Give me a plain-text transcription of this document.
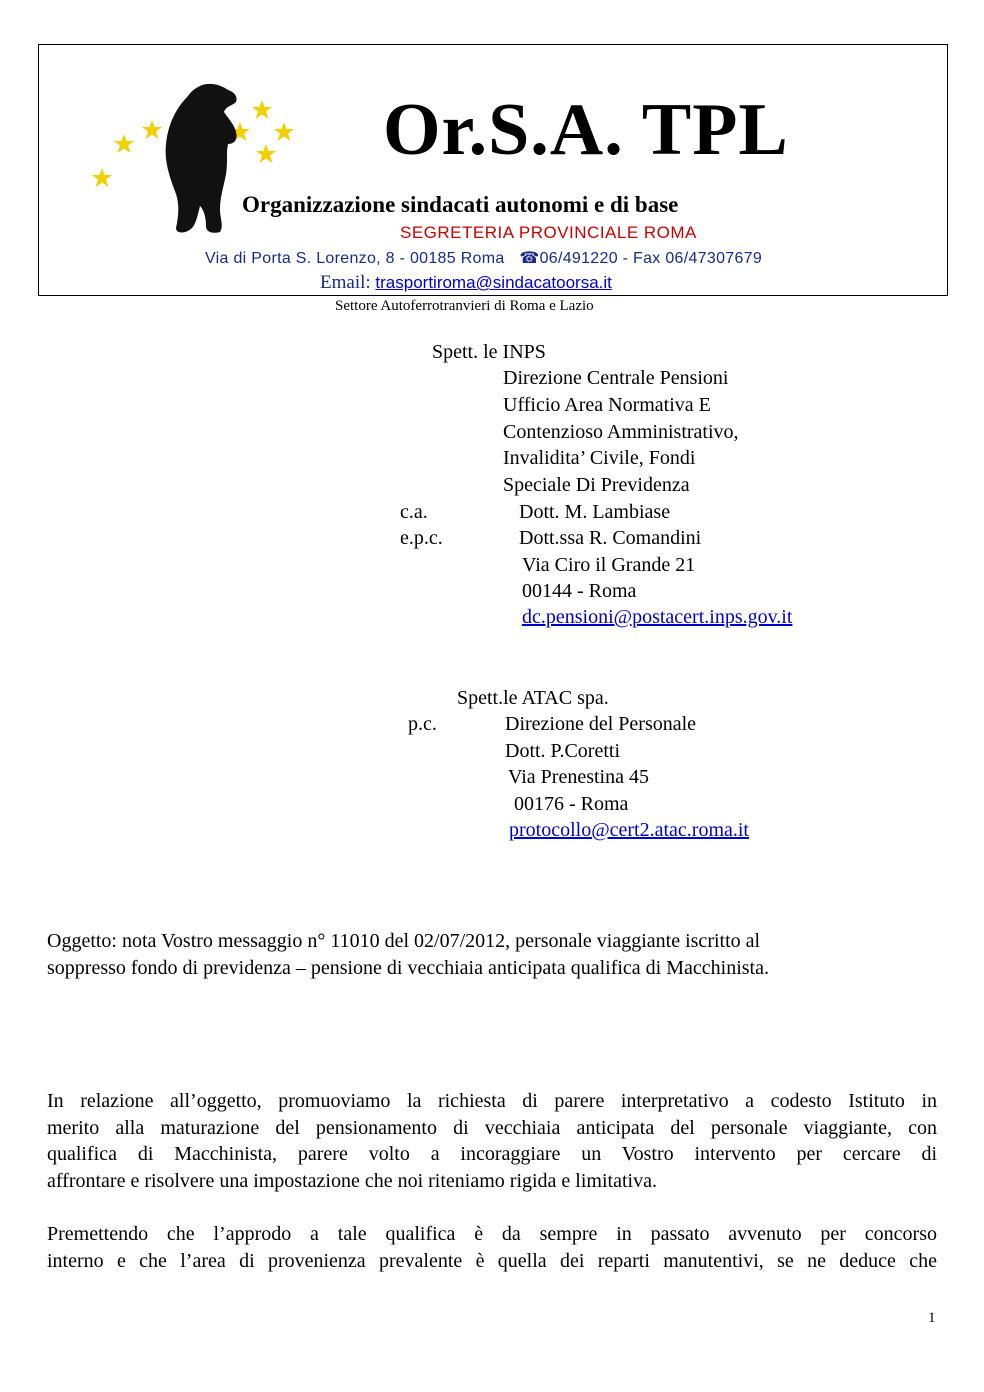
Or.S.A. TPL
Organizzazione sindacati autonomi e di base
SEGRETERIA PROVINCIALE ROMA
Via di Porta S. Lorenzo, 8 - 00185 Roma ☎06/491220 - Fax 06/47307679
Email: trasportiroma@sindacatoorsa.it
Settore Autoferrotranvieri di Roma e Lazio
Spett. le INPS
Direzione Centrale Pensioni
Ufficio Area Normativa E
Contenzioso Amministrativo,
Invalidita’ Civile, Fondi
Speciale Di Previdenza
c.a.	Dott. M. Lambiase
e.p.c.	Dott.ssa R. Comandini
Via Ciro il Grande 21
00144 - Roma
dc.pensioni@postacert.inps.gov.it
Spett.le ATAC spa.
p.c.	Direzione del Personale
Dott. P.Coretti
Via Prenestina 45
00176 - Roma
protocollo@cert2.atac.roma.it
Oggetto: nota Vostro messaggio n° 11010 del 02/07/2012, personale viaggiante iscritto al
soppresso fondo di previdenza – pensione di vecchiaia anticipata qualifica di Macchinista.
In relazione all’oggetto, promuoviamo la richiesta di parere interpretativo a codesto Istituto in
merito alla maturazione del pensionamento di vecchiaia anticipata del personale viaggiante, con
qualifica di Macchinista, parere volto a incoraggiare un Vostro intervento per cercare di
affrontare e risolvere una impostazione che noi riteniamo rigida e limitativa.
Premettendo che l’approdo a tale qualifica è da sempre in passato avvenuto per concorso
interno e che l’area di provenienza prevalente è quella dei reparti manutentivi, se ne deduce che
1
